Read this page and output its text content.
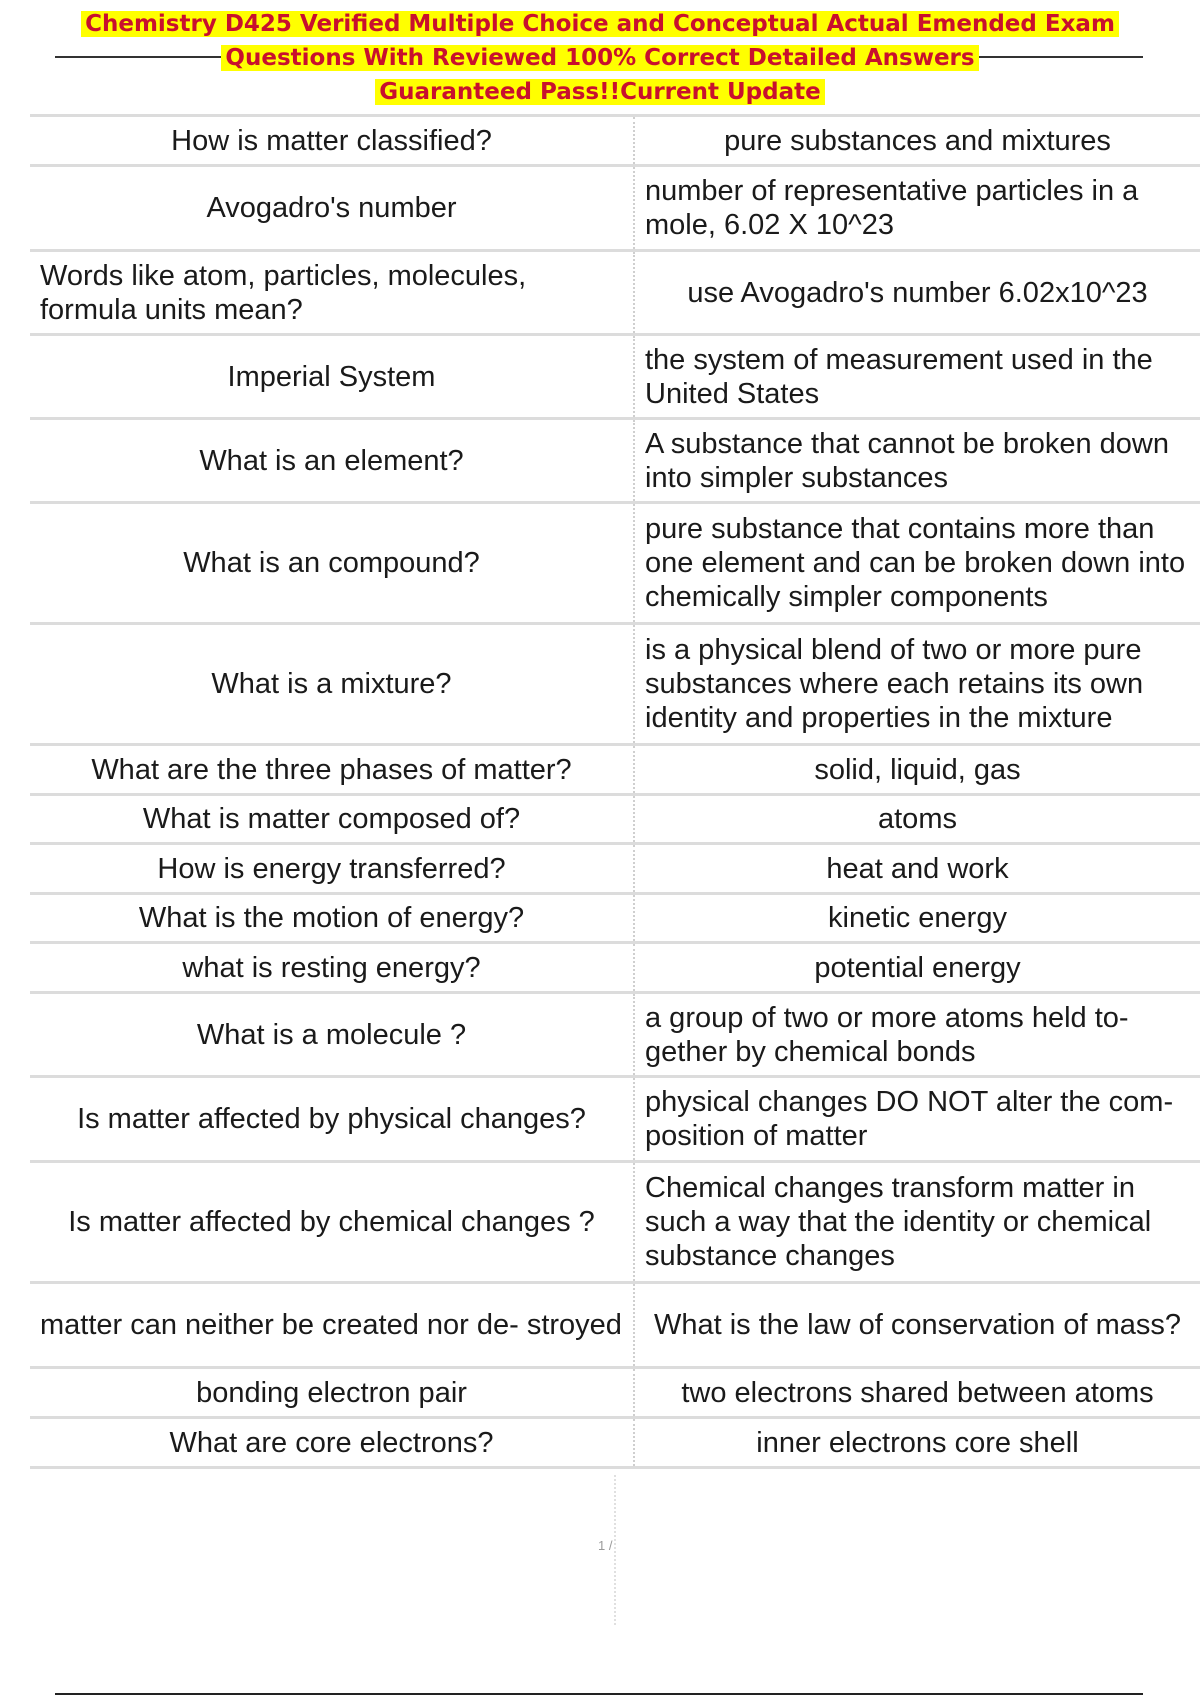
Chemistry D425 Verified Multiple Choice and Conceptual Actual Emended Exam
Questions With Reviewed 100% Correct Detailed Answers
Guaranteed Pass!!Current Update
How is matter classified?	pure substances and mixtures
Avogadro's number	number of representative particles in a mole, 6.02 X 10^23
Words like atom, particles, molecules, formula units mean?	use Avogadro's number 6.02x10^23
Imperial System	the system of measurement used in the United States
What is an element?	A substance that cannot be broken down into simpler substances
What is an compound?	pure substance that contains more than one element and can be broken down into chemically simpler components
What is a mixture?	is a physical blend of two or more pure substances where each retains its own identity and properties in the mixture
What are the three phases of matter?	solid, liquid, gas
What is matter composed of?	atoms
How is energy transferred?	heat and work
What is the motion of energy?	kinetic energy
what is resting energy?	potential energy
What is a molecule ?	a group of two or more atoms held to- gether by chemical bonds
Is matter affected by physical changes?	physical changes DO NOT alter the com- position of matter
Is matter affected by chemical changes ?	Chemical changes transform matter in such a way that the identity or chemical substance changes
matter can neither be created nor de- stroyed	What is the law of conservation of mass?
bonding electron pair	two electrons shared between atoms
What are core electrons?	inner electrons core shell
1 /
